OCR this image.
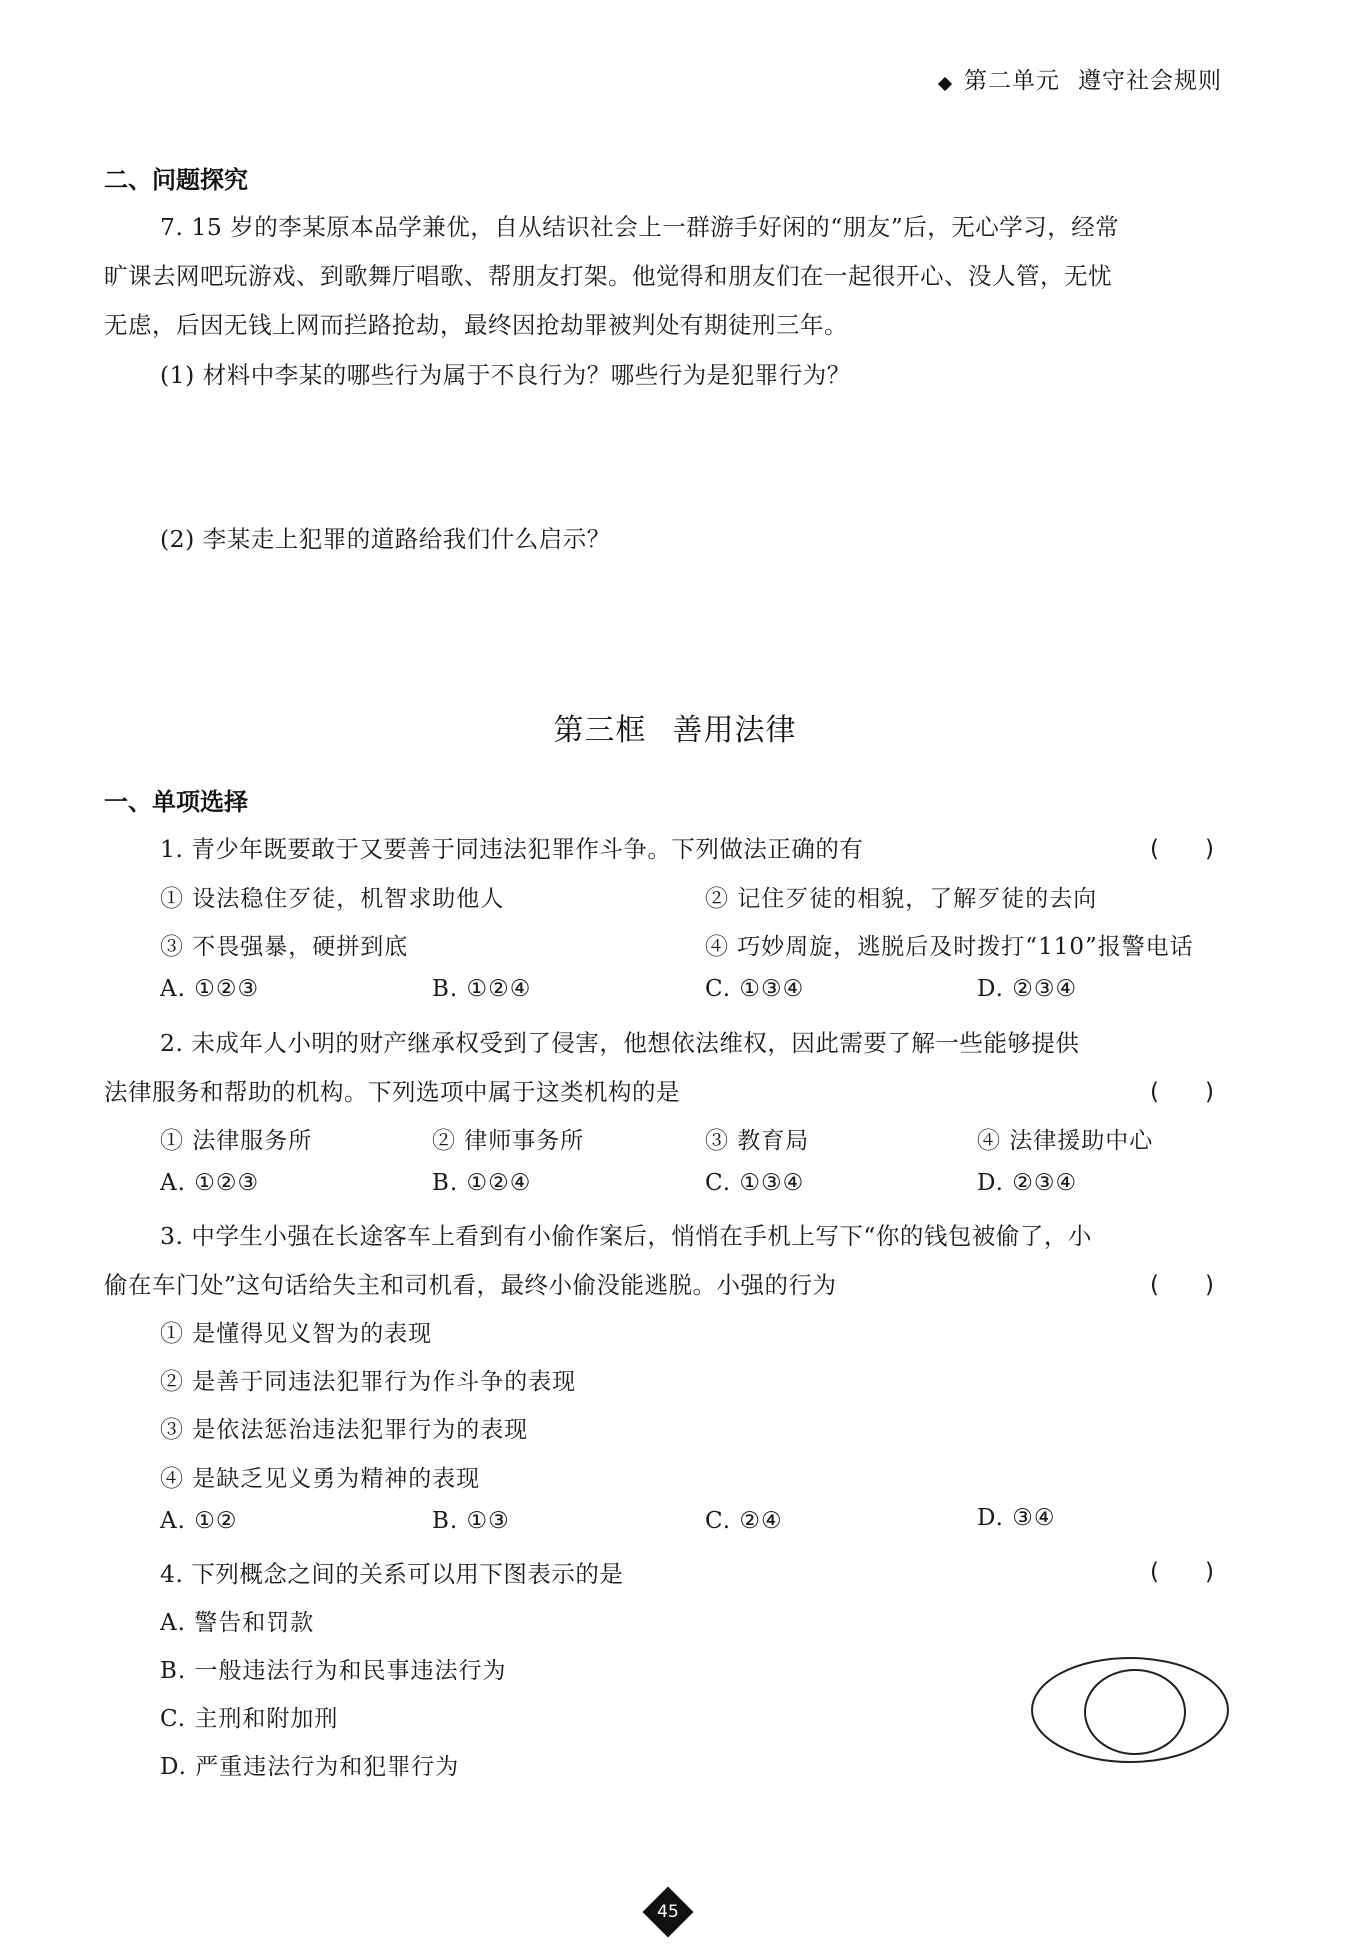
第二单元 遵守社会规则
二、问题探究
7. 15 岁的李某原本品学兼优，自从结识社会上一群游手好闲的“朋友”后，无心学习，经常
旷课去网吧玩游戏、到歌舞厅唱歌、帮朋友打架。他觉得和朋友们在一起很开心、没人管，无忧
无虑，后因无钱上网而拦路抢劫，最终因抢劫罪被判处有期徒刑三年。
(1) 材料中李某的哪些行为属于不良行为？哪些行为是犯罪行为？
(2) 李某走上犯罪的道路给我们什么启示？
第三框 善用法律
一、单项选择
1. 青少年既要敢于又要善于同违法犯罪作斗争。下列做法正确的有	(　　)
① 设法稳住歹徒，机智求助他人	② 记住歹徒的相貌，了解歹徒的去向
③ 不畏强暴，硬拼到底	④ 巧妙周旋，逃脱后及时拨打“110”报警电话
A. ①②③	B. ①②④	C. ①③④	D. ②③④
2. 未成年人小明的财产继承权受到了侵害，他想依法维权，因此需要了解一些能够提供
法律服务和帮助的机构。下列选项中属于这类机构的是	(　　)
① 法律服务所	② 律师事务所	③ 教育局	④ 法律援助中心
A. ①②③	B. ①②④	C. ①③④	D. ②③④
3. 中学生小强在长途客车上看到有小偷作案后，悄悄在手机上写下“你的钱包被偷了，小
偷在车门处”这句话给失主和司机看，最终小偷没能逃脱。小强的行为	(　　)
① 是懂得见义智为的表现
② 是善于同违法犯罪行为作斗争的表现
③ 是依法惩治违法犯罪行为的表现
④ 是缺乏见义勇为精神的表现
A. ①②	B. ①③	C. ②④	D. ③④
4. 下列概念之间的关系可以用下图表示的是	(　　)
A. 警告和罚款
B. 一般违法行为和民事违法行为
C. 主刑和附加刑
D. 严重违法行为和犯罪行为
45
